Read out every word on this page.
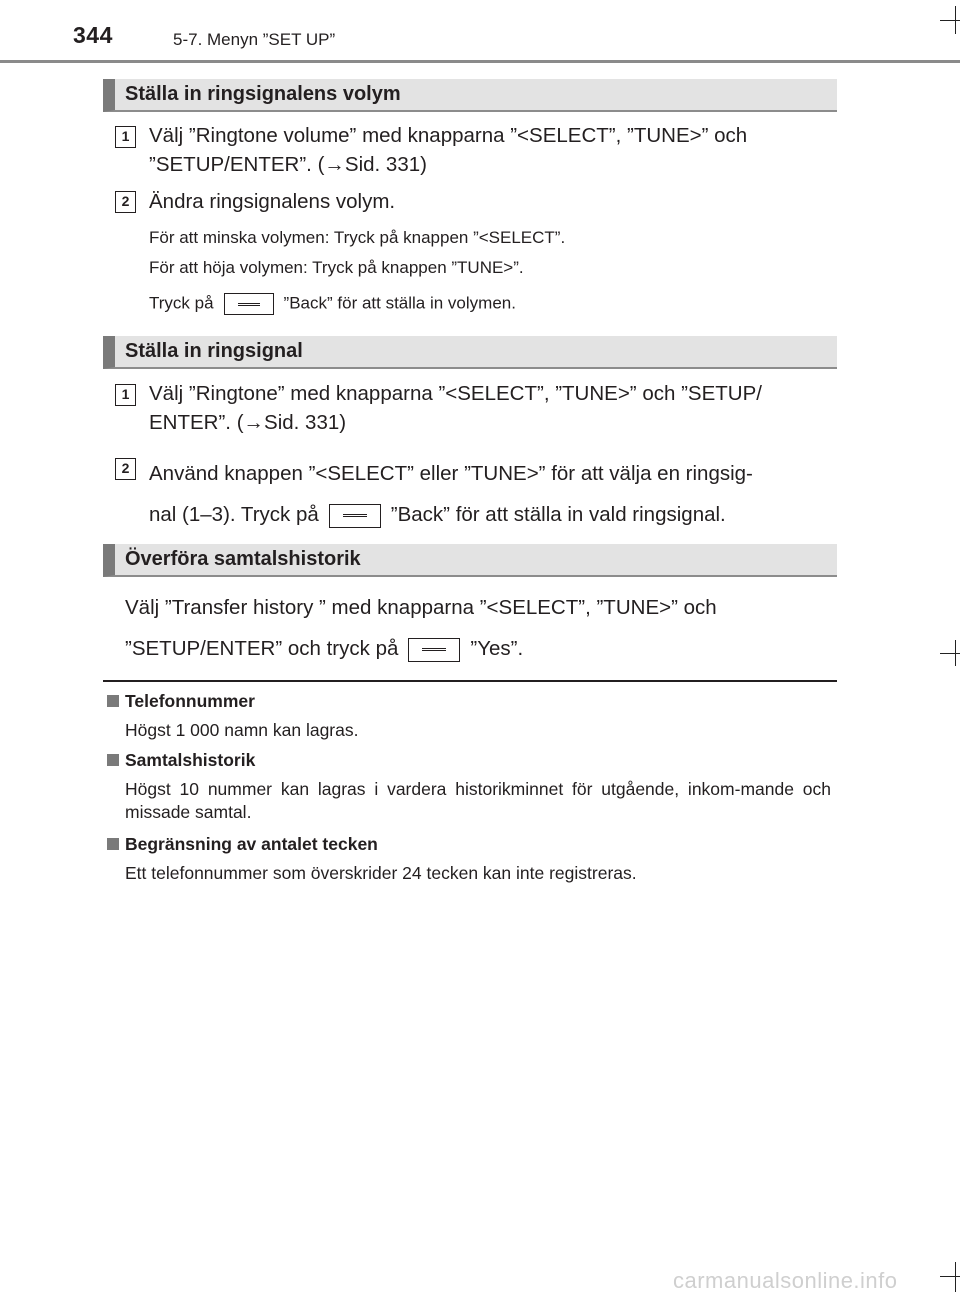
344	5-7. Menyn ”SET UP”
Ställa in ringsignalens volym
1 Välj ”Ringtone volume” med knapparna ”<SELECT”, ”TUNE>” och
”SETUP/ENTER”. (→Sid. 331)
2 Ändra ringsignalens volym.
För att minska volymen: Tryck på knappen ”<SELECT”.
För att höja volymen: Tryck på knappen ”TUNE>”.
Tryck på	”Back” för att ställa in volymen.
Ställa in ringsignal
1 Välj ”Ringtone” med knapparna ”<SELECT”, ”TUNE>” och ”SETUP/
ENTER”. (→Sid. 331)
2 Använd knappen ”<SELECT” eller ”TUNE>” för att välja en ringsig-
nal (1–3). Tryck på	”Back” för att ställa in vald ringsignal.
Överföra samtalshistorik
Välj ”Transfer history ” med knapparna ”<SELECT”, ”TUNE>” och
”SETUP/ENTER” och tryck på	”Yes”.
Telefonnummer
Högst 1 000 namn kan lagras.
Samtalshistorik
Högst 10 nummer kan lagras i vardera historikminnet för utgående, inkom-mande och missade samtal.
Begränsning av antalet tecken
Ett telefonnummer som överskrider 24 tecken kan inte registreras.
carmanualsonline.info
